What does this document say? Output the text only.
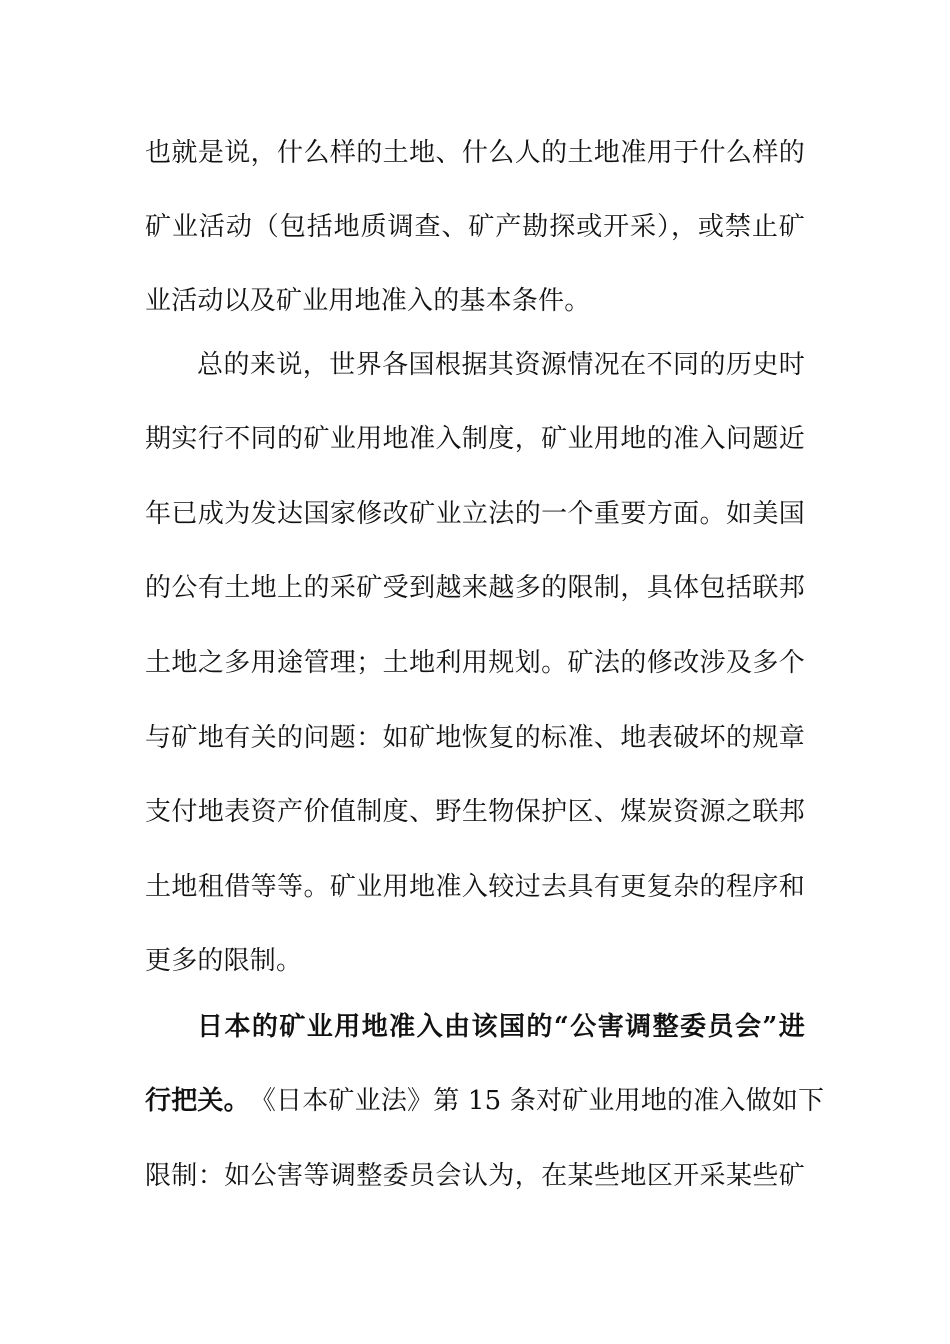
也就是说，什么样的土地、什么人的土地准用于什么样的
矿业活动（包括地质调查、矿产勘探或开采），或禁止矿
业活动以及矿业用地准入的基本条件。
总的来说，世界各国根据其资源情况在不同的历史时
期实行不同的矿业用地准入制度，矿业用地的准入问题近
年已成为发达国家修改矿业立法的一个重要方面。如美国
的公有土地上的采矿受到越来越多的限制，具体包括联邦
土地之多用途管理；土地利用规划。矿法的修改涉及多个
与矿地有关的问题：如矿地恢复的标准、地表破坏的规章
支付地表资产价值制度、野生物保护区、煤炭资源之联邦
土地租借等等。矿业用地准入较过去具有更复杂的程序和
更多的限制。
日本的矿业用地准入由该国的“公害调整委员会”进
行把关。 《日本矿业法》第 15 条对矿业用地的准入做如下
限制：如公害等调整委员会认为，在某些地区开采某些矿
